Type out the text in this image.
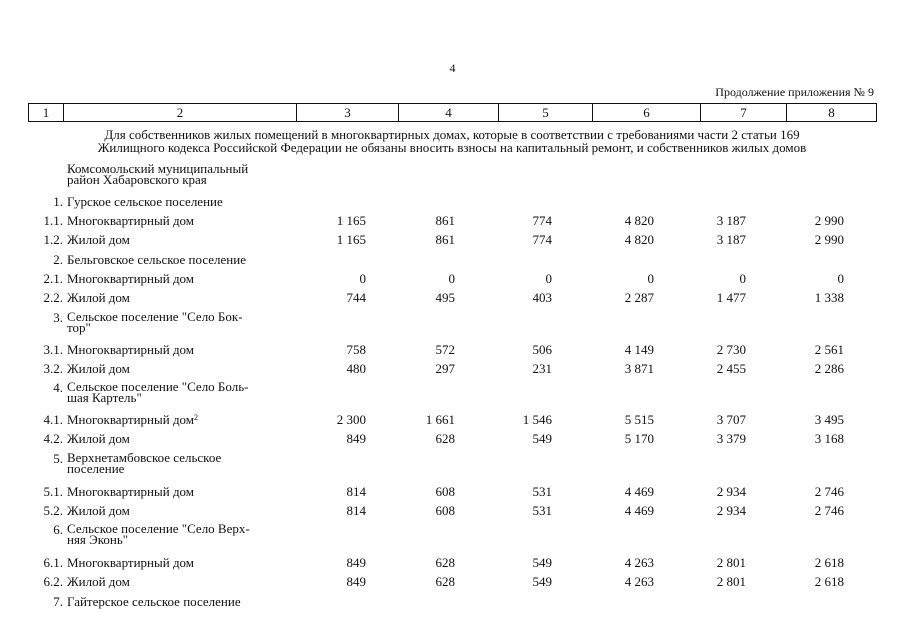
4
Продолжение приложения № 9
1	2	3	4	5	6	7	8
Для собственников жилых помещений в многоквартирных домах, которые в соответствии с требованиями части 2 статьи 169
Жилищного кодекса Российской Федерации не обязаны вносить взносы на капитальный ремонт, и собственников жилых домов
Комсомольский муниципальный
район Хабаровского края
1. Гурское сельское поселение
1.1. Многоквартирный дом	1 165	861	774	4 820	3 187	2 990
1.2. Жилой дом	1 165	861	774	4 820	3 187	2 990
2. Бельговское сельское поселение
2.1. Многоквартирный дом	0	0	0	0	0	0
2.2. Жилой дом	744	495	403	2 287	1 477	1 338
3. Сельское поселение "Село Бок-
тор"
3.1. Многоквартирный дом	758	572	506	4 149	2 730	2 561
3.2. Жилой дом	480	297	231	3 871	2 455	2 286
4. Сельское поселение "Село Боль-
шая Картель"
4.1. Многоквартирный дом$^2$	2 300	1 661	1 546	5 515	3 707	3 495
4.2. Жилой дом	849	628	549	5 170	3 379	3 168
5. Верхнетамбовское сельское
поселение
5.1. Многоквартирный дом	814	608	531	4 469	2 934	2 746
5.2. Жилой дом	814	608	531	4 469	2 934	2 746
6. Сельское поселение "Село Верх-
няя Эконь"
6.1. Многоквартирный дом	849	628	549	4 263	2 801	2 618
6.2. Жилой дом	849	628	549	4 263	2 801	2 618
7. Гайтерское сельское поселение
